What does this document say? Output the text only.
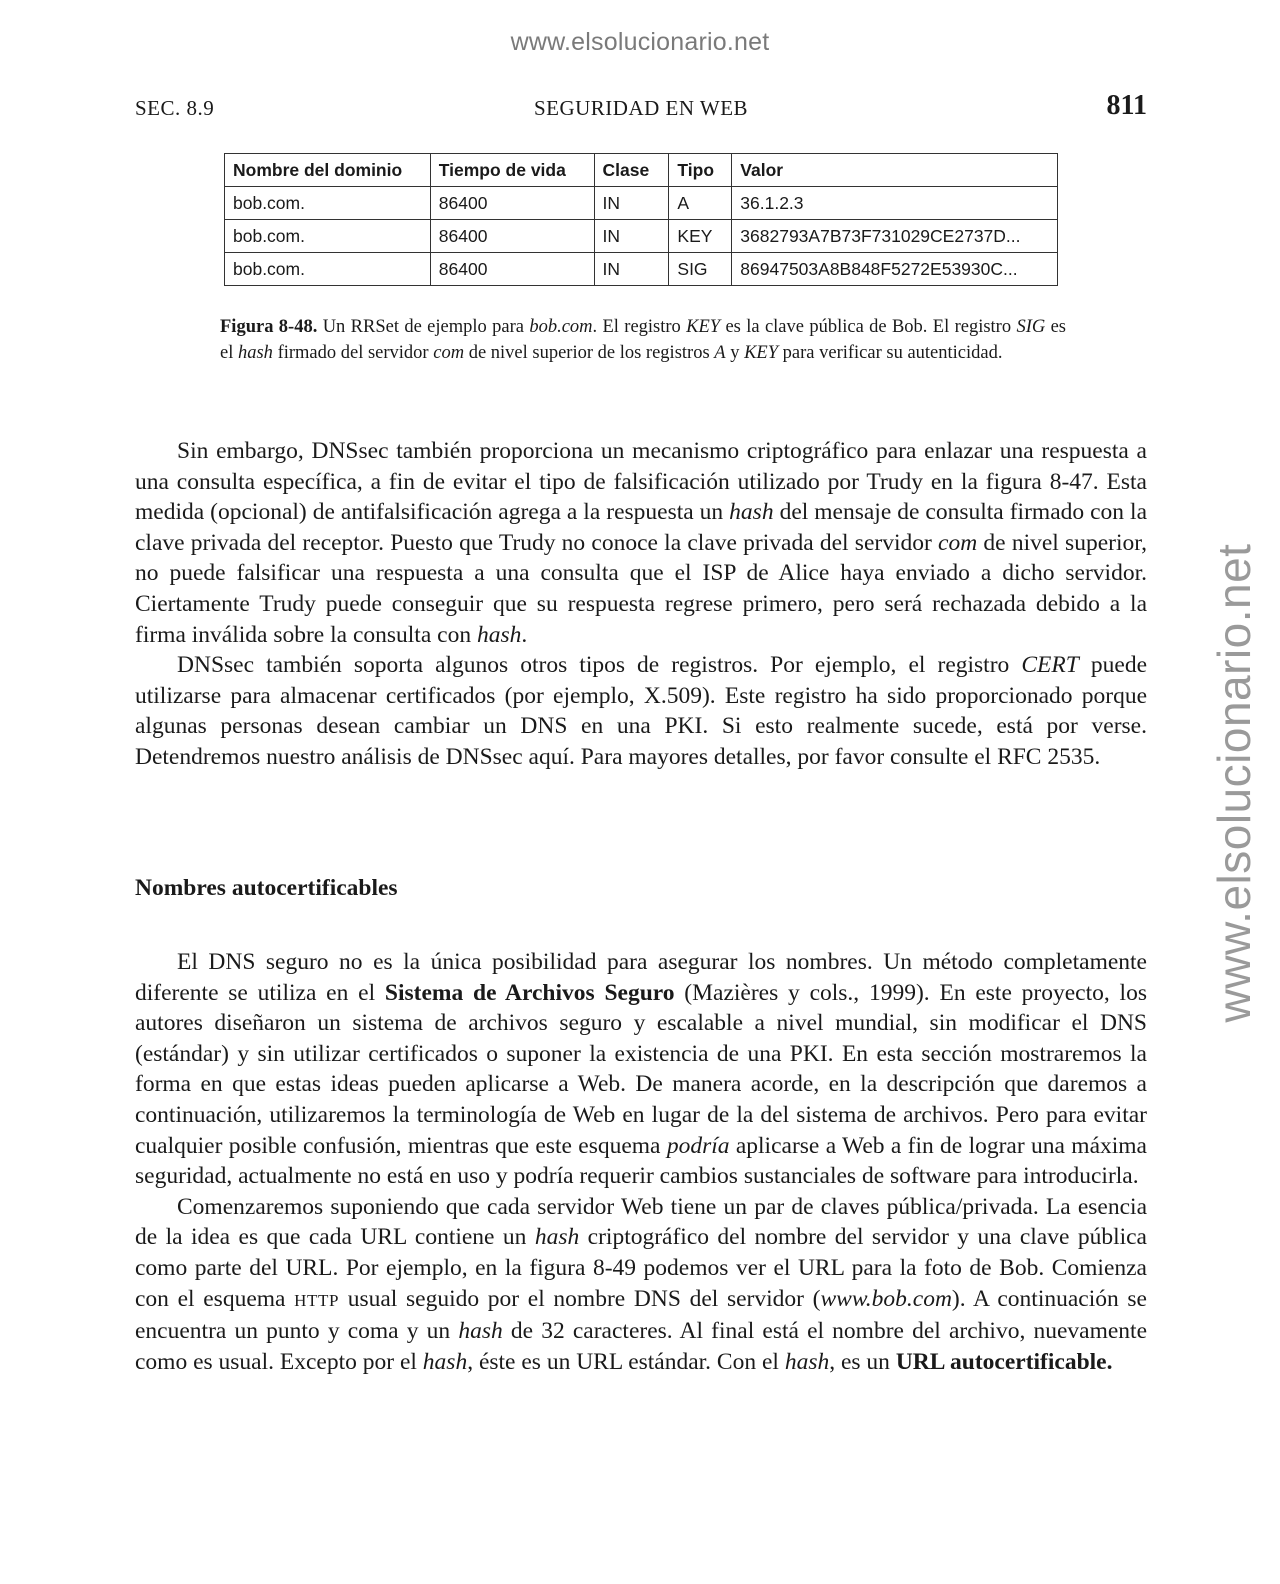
www.elsolucionario.net
www.elsolucionario.net
SEC. 8.9	SEGURIDAD EN WEB	811
Nombre del dominio	Tiempo de vida	Clase	Tipo	Valor
bob.com.	86400	IN	A	36.1.2.3
bob.com.	86400	IN	KEY	3682793A7B73F731029CE2737D...
bob.com.	86400	IN	SIG	86947503A8B848F5272E53930C...
Figura 8-48. Un RRSet de ejemplo para bob.com. El registro KEY es la clave pública de Bob. El registro SIG es el hash firmado del servidor com de nivel superior de los registros A y KEY para verificar su autenticidad.

Sin embargo, DNSsec también proporciona un mecanismo criptográfico para enlazar una respuesta a una consulta específica, a fin de evitar el tipo de falsificación utilizado por Trudy en la figura 8-47. Esta medida (opcional) de antifalsificación agrega a la respuesta un hash del mensaje de consulta firmado con la clave privada del receptor. Puesto que Trudy no conoce la clave privada del servidor com de nivel superior, no puede falsificar una respuesta a una consulta que el ISP de Alice haya enviado a dicho servidor. Ciertamente Trudy puede conseguir que su respuesta regrese primero, pero será rechazada debido a la firma inválida sobre la consulta con hash.

DNSsec también soporta algunos otros tipos de registros. Por ejemplo, el registro CERT puede utilizarse para almacenar certificados (por ejemplo, X.509). Este registro ha sido proporcionado porque algunas personas desean cambiar un DNS en una PKI. Si esto realmente sucede, está por verse. Detendremos nuestro análisis de DNSsec aquí. Para mayores detalles, por favor consulte el RFC 2535.

Nombres autocertificables

El DNS seguro no es la única posibilidad para asegurar los nombres. Un método completamente diferente se utiliza en el Sistema de Archivos Seguro (Mazières y cols., 1999). En este proyecto, los autores diseñaron un sistema de archivos seguro y escalable a nivel mundial, sin modificar el DNS (estándar) y sin utilizar certificados o suponer la existencia de una PKI. En esta sección mostraremos la forma en que estas ideas pueden aplicarse a Web. De manera acorde, en la descripción que daremos a continuación, utilizaremos la terminología de Web en lugar de la del sistema de archivos. Pero para evitar cualquier posible confusión, mientras que este esquema podría aplicarse a Web a fin de lograr una máxima seguridad, actualmente no está en uso y podría requerir cambios sustanciales de software para introducirla.

Comenzaremos suponiendo que cada servidor Web tiene un par de claves pública/privada. La esencia de la idea es que cada URL contiene un hash criptográfico del nombre del servidor y una clave pública como parte del URL. Por ejemplo, en la figura 8-49 podemos ver el URL para la foto de Bob. Comienza con el esquema HTTP usual seguido por el nombre DNS del servidor (www.bob.com). A continuación se encuentra un punto y coma y un hash de 32 caracteres. Al final está el nombre del archivo, nuevamente como es usual. Excepto por el hash, éste es un URL estándar. Con el hash, es un URL autocertificable.
